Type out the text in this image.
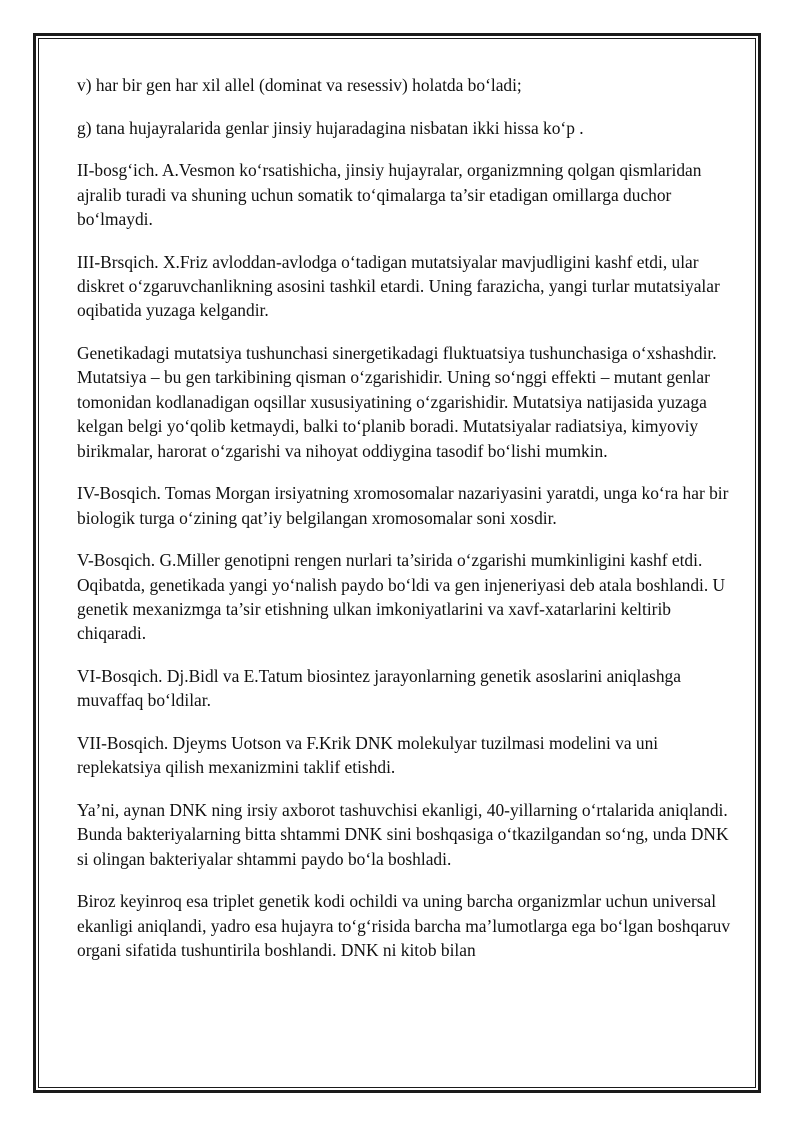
v) har bir gen har xil allel (dominat va resessiv) holatda bo‘ladi;

g) tana hujayralarida genlar jinsiy hujaradagina nisbatan ikki hissa ko‘p .

II-bosg‘ich. A.Vesmon ko‘rsatishicha, jinsiy hujayralar, organizmning qolgan qismlaridan ajralib turadi va shuning uchun somatik to‘qimalarga ta’sir etadigan omillarga duchor bo‘lmaydi.

III-Brsqich. X.Friz avloddan-avlodga o‘tadigan mutatsiyalar mavjudligini kashf etdi, ular diskret o‘zgaruvchanlikning asosini tashkil etardi. Uning farazicha, yangi turlar mutatsiyalar oqibatida yuzaga kelgandir.

Genetikadagi mutatsiya tushunchasi sinergetikadagi fluktuatsiya tushunchasiga o‘xshashdir. Mutatsiya – bu gen tarkibining qisman o‘zgarishidir. Uning so‘nggi effekti – mutant genlar tomonidan kodlanadigan oqsillar xususiyatining o‘zgarishidir. Mutatsiya natijasida yuzaga kelgan belgi yo‘qolib ketmaydi, balki to‘planib boradi. Mutatsiyalar radiatsiya, kimyoviy birikmalar, harorat o‘zgarishi va nihoyat oddiygina tasodif bo‘lishi mumkin.

IV-Bosqich. Tomas Morgan irsiyatning xromosomalar nazariyasini yaratdi, unga ko‘ra har bir biologik turga o‘zining qat’iy belgilangan xromosomalar soni xosdir.

V-Bosqich. G.Miller genotipni rengen nurlari ta’sirida o‘zgarishi mumkinligini kashf etdi. Oqibatda, genetikada yangi yo‘nalish paydo bo‘ldi va gen injeneriyasi deb atala boshlandi. U genetik mexanizmga ta’sir etishning ulkan imkoniyatlarini va xavf-xatarlarini keltirib chiqaradi.

VI-Bosqich. Dj.Bidl va E.Tatum biosintez jarayonlarning genetik asoslarini aniqlashga muvaffaq bo‘ldilar.

VII-Bosqich. Djeyms Uotson va F.Krik DNK molekulyar tuzilmasi modelini va uni replekatsiya qilish mexanizmini taklif etishdi.

Ya’ni, aynan DNK ning irsiy axborot tashuvchisi ekanligi, 40-yillarning o‘rtalarida aniqlandi. Bunda bakteriyalarning bitta shtammi DNK sini boshqasiga o‘tkazilgandan so‘ng, unda DNK si olingan bakteriyalar shtammi paydo bo‘la boshladi.

Biroz keyinroq esa triplet genetik kodi ochildi va uning barcha organizmlar uchun universal ekanligi aniqlandi, yadro esa hujayra to‘g‘risida barcha ma’lumotlarga ega bo‘lgan boshqaruv organi sifatida tushuntirila boshlandi. DNK ni kitob bilan
